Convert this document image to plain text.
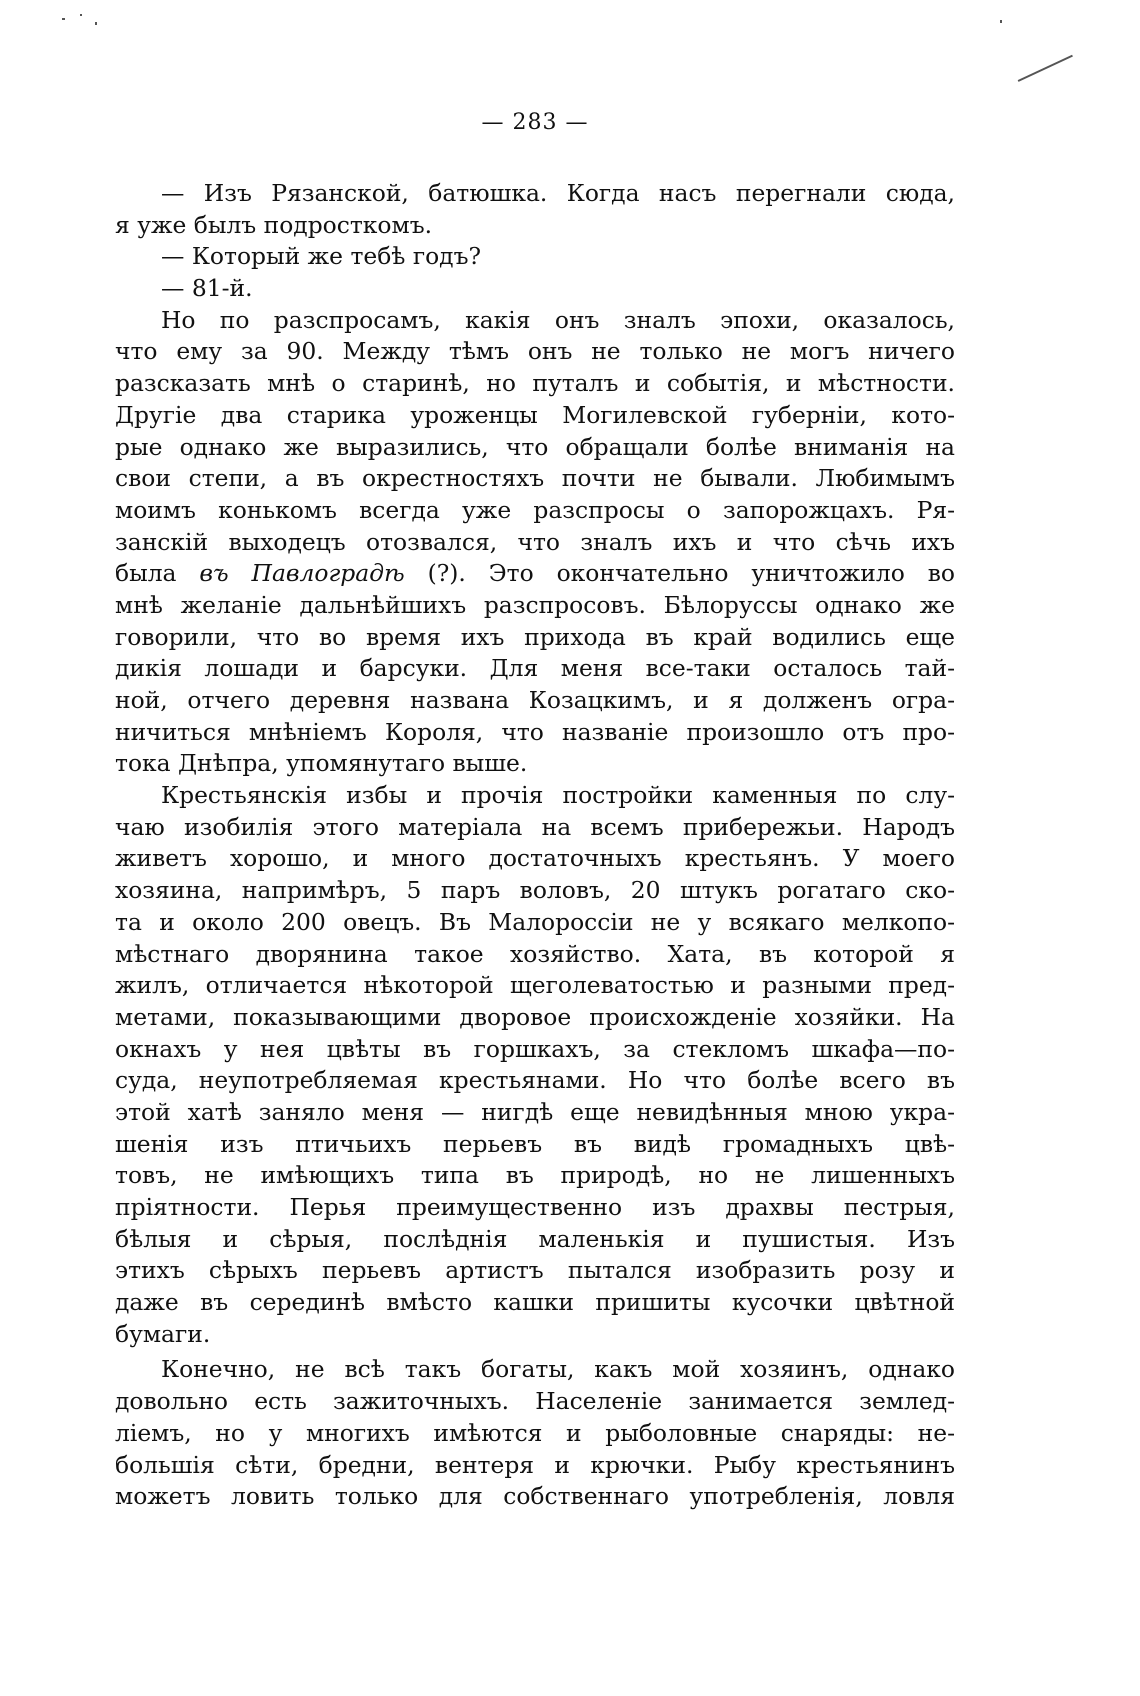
— 283 —
— Изъ Рязанской, батюшка. Когда насъ перегнали сюда,
я уже былъ подросткомъ.
— Который же тебѣ годъ?
— 81-й.
Но по разспросамъ, какія онъ зналъ эпохи, оказалось,
что ему за 90. Между тѣмъ онъ не только не могъ ничего
разсказать мнѣ о старинѣ, но путалъ и событія, и мѣстности.
Другіе два старика уроженцы Могилевской губерніи, кото-
рые однако же выразились, что обращали болѣе вниманія на
свои степи, а въ окрестностяхъ почти не бывали. Любимымъ
моимъ конькомъ всегда уже разспросы о запорожцахъ. Ря-
занскій выходецъ отозвался, что зналъ ихъ и что сѣчь ихъ
была въ Павлоградѣ (?). Это окончательно уничтожило во
мнѣ желаніе дальнѣйшихъ разспросовъ. Бѣлоруссы однако же
говорили, что во время ихъ прихода въ край водились еще
дикія лошади и барсуки. Для меня все-таки осталось тай-
ной, отчего деревня названа Козацкимъ, и я долженъ огра-
ничиться мнѣніемъ Короля, что названіе произошло отъ про-
тока Днѣпра, упомянутаго выше.
Крестьянскія избы и прочія постройки каменныя по слу-
чаю изобилія этого матеріала на всемъ прибережьи. Народъ
живетъ хорошо, и много достаточныхъ крестьянъ. У моего
хозяина, напримѣръ, 5 паръ воловъ, 20 штукъ рогатаго ско-
та и около 200 овецъ. Въ Малороссіи не у всякаго мелкопо-
мѣстнаго дворянина такое хозяйство. Хата, въ которой я
жилъ, отличается нѣкоторой щеголеватостью и разными пред-
метами, показывающими дворовое происхожденіе хозяйки. На
окнахъ у нея цвѣты въ горшкахъ, за стекломъ шкафа—по-
суда, неупотребляемая крестьянами. Но что болѣе всего въ
этой хатѣ заняло меня — нигдѣ еще невидѣнныя мною укра-
шенія изъ птичьихъ перьевъ въ видѣ громадныхъ цвѣ-
товъ, не имѣющихъ типа въ природѣ, но не лишенныхъ
пріятности. Перья преимущественно изъ драхвы пестрыя,
бѣлыя и сѣрыя, послѣднія маленькія и пушистыя. Изъ
этихъ сѣрыхъ перьевъ артистъ пытался изобразить розу и
даже въ серединѣ вмѣсто кашки пришиты кусочки цвѣтной
бумаги.
Конечно, не всѣ такъ богаты, какъ мой хозяинъ, однако
довольно есть зажиточныхъ. Населеніе занимается землед-
ліемъ, но у многихъ имѣются и рыболовные снаряды: не-
большія сѣти, бредни, вентеря и крючки. Рыбу крестьянинъ
можетъ ловить только для собственнаго употребленія, ловля
